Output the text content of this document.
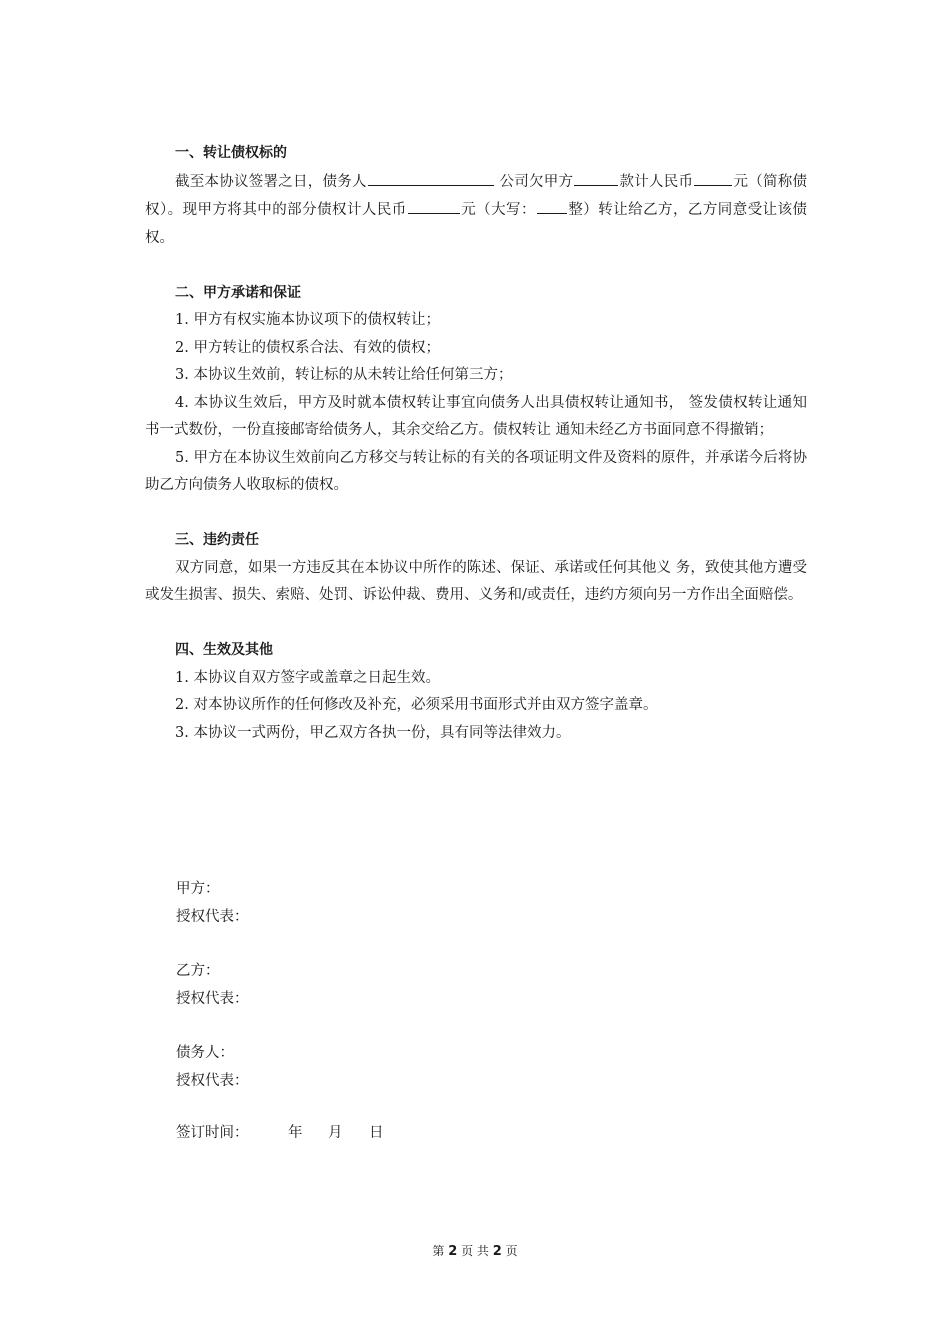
一、转让债权标的
截至本协议签署之日，债务人	公司欠甲方	款计人民币	元（简称债权）。现甲方将其中的部分债权计人民币	元（大写： 整）转让给乙方，乙方同意受让该债权。
二、甲方承诺和保证
1. 甲方有权实施本协议项下的债权转让；
2. 甲方转让的债权系合法、有效的债权；
3. 本协议生效前，转让标的从未转让给任何第三方；
4. 本协议生效后，甲方及时就本债权转让事宜向债务人出具债权转让通知书， 签发债权转让通知书一式数份，一份直接邮寄给债务人，其余交给乙方。债权转让 通知未经乙方书面同意不得撤销；
5. 甲方在本协议生效前向乙方移交与转让标的有关的各项证明文件及资料的原件，并承诺今后将协助乙方向债务人收取标的债权。
三、违约责任
双方同意，如果一方违反其在本协议中所作的陈述、保证、承诺或任何其他义 务，致使其他方遭受或发生损害、损失、索赔、处罚、诉讼仲裁、费用、义务和/或责任，违约方须向另一方作出全面赔偿。
四、生效及其他
1. 本协议自双方签字或盖章之日起生效。
2. 对本协议所作的任何修改及补充，必须采用书面形式并由双方签字盖章。
3. 本协议一式两份，甲乙双方各执一份，具有同等法律效力。
甲方：
授权代表：
乙方：
授权代表：
债务人：
授权代表：
签订时间：	年 月 日
第 2 页 共 2 页
